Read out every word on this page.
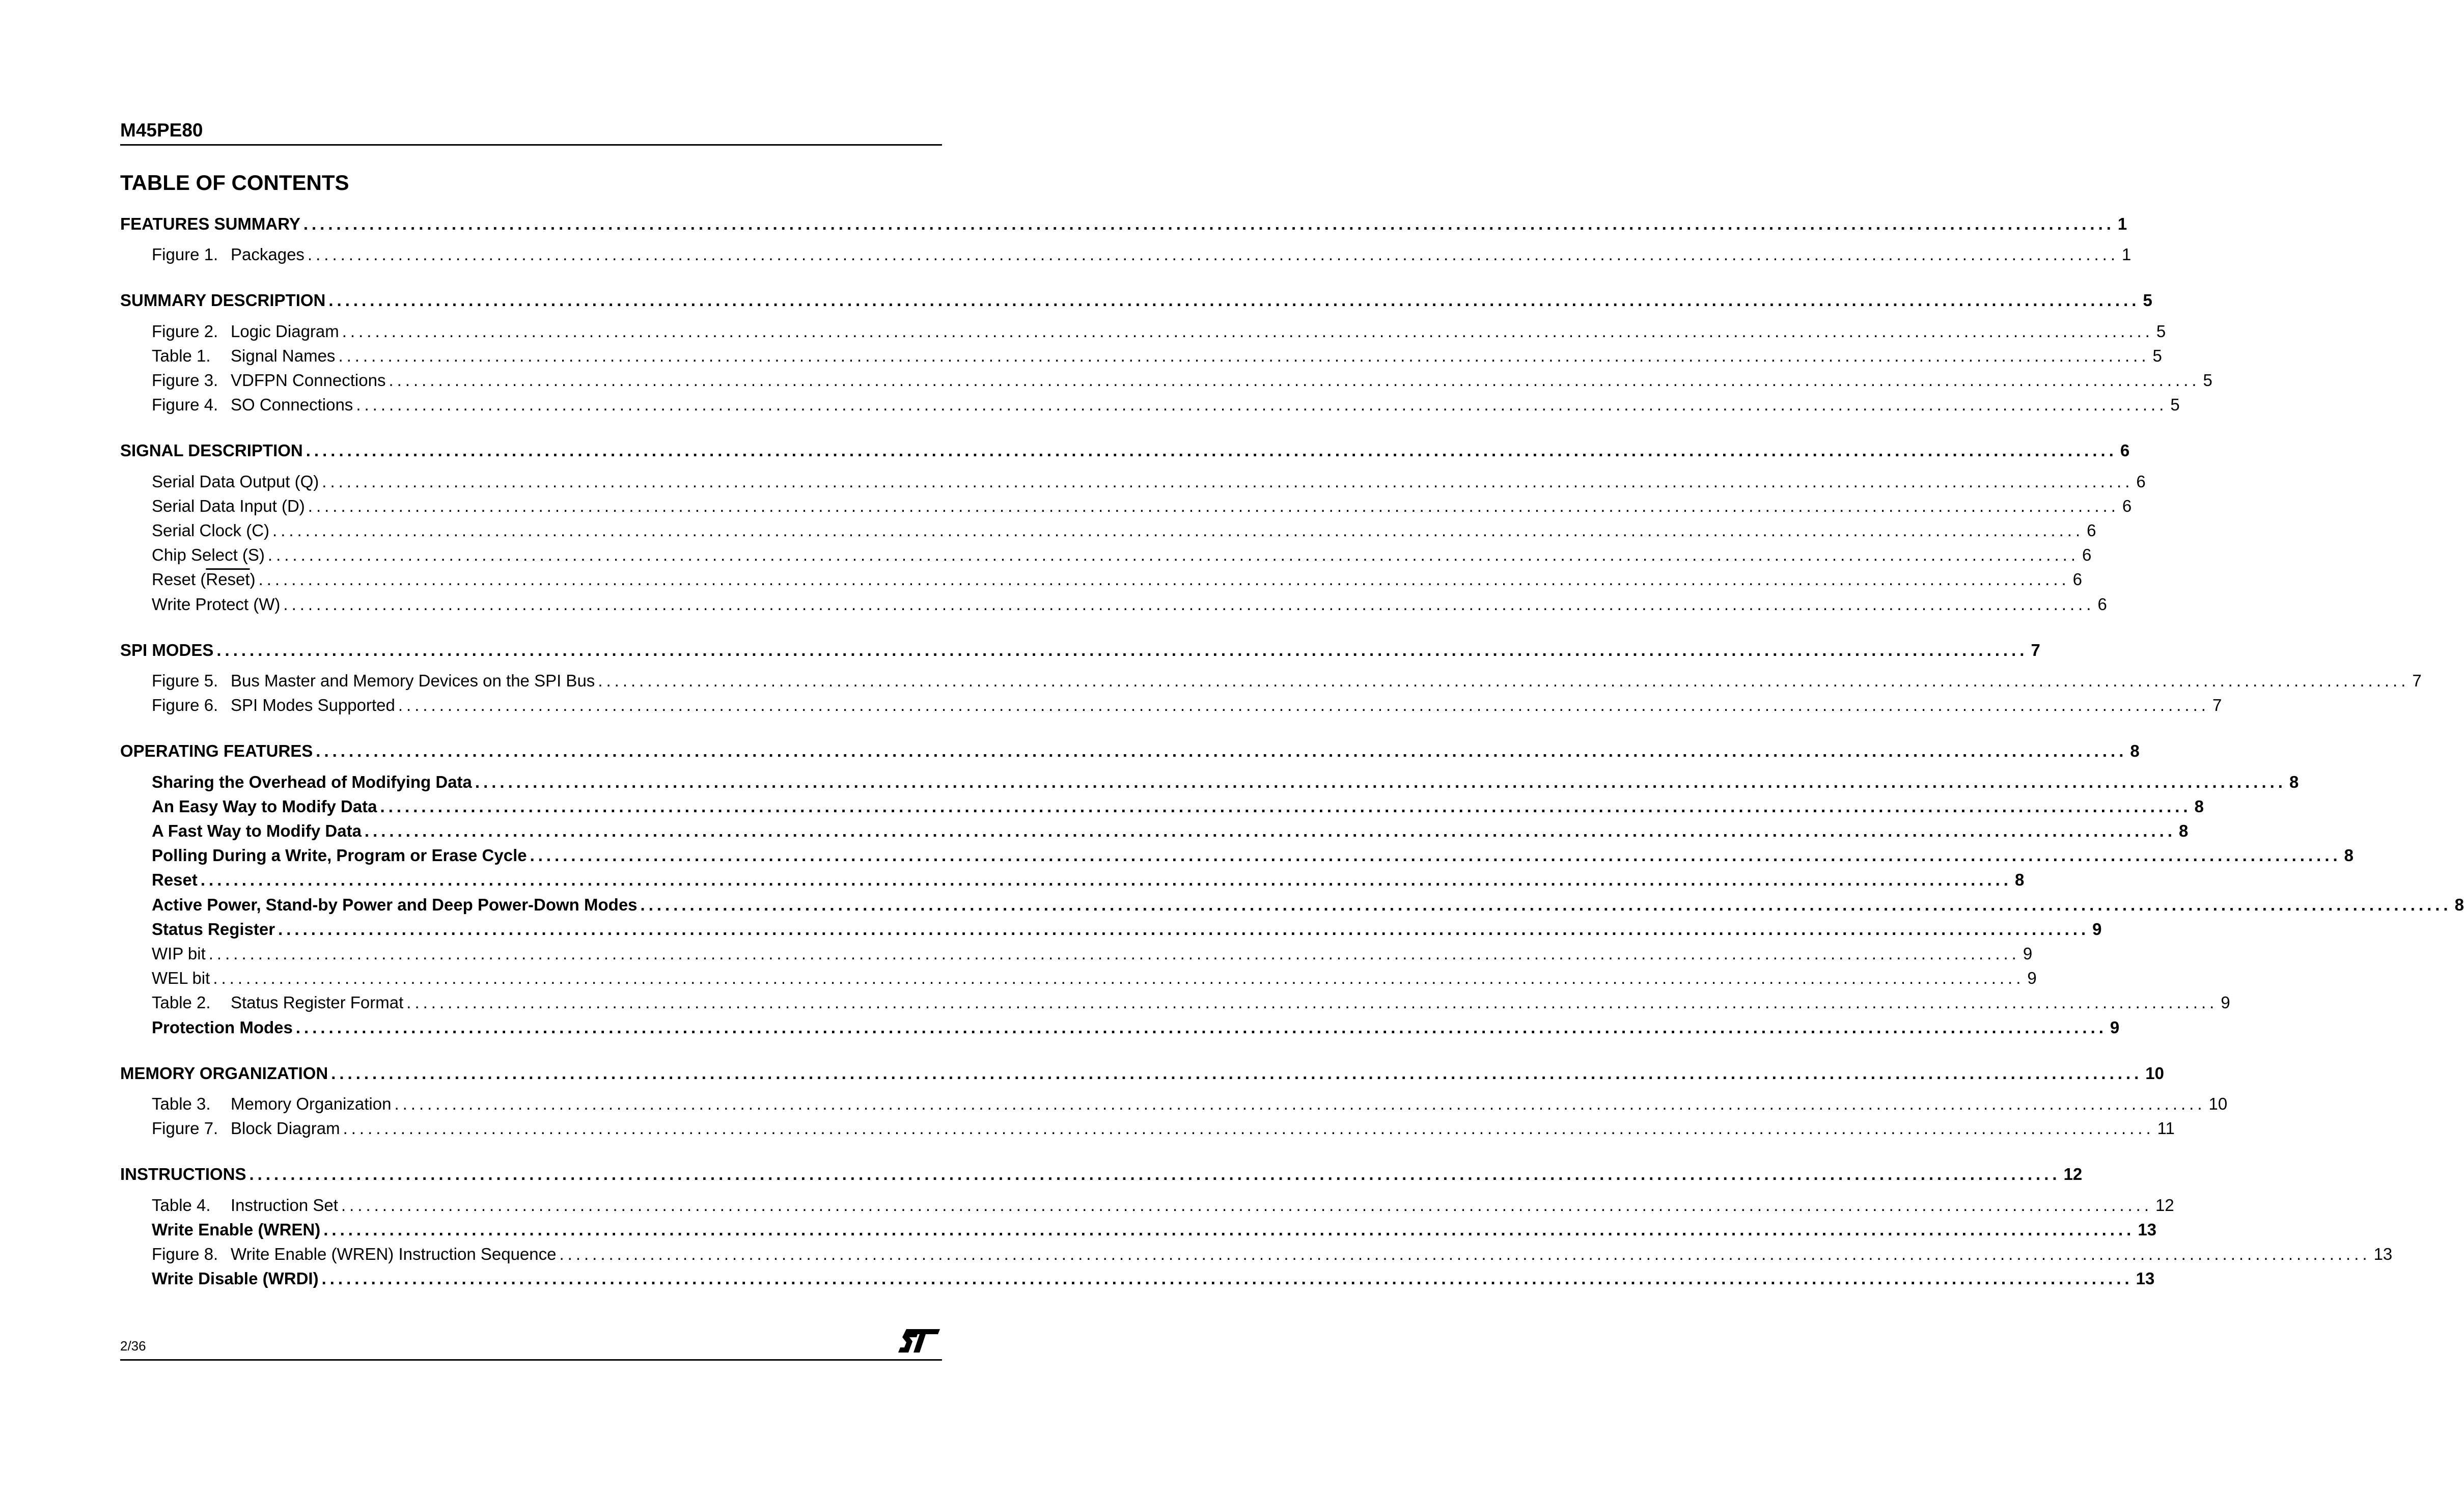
M45PE80
TABLE OF CONTENTS
FEATURES SUMMARY ............................................................................................................................................................................................................................ 1
Figure 1. Packages ............................................................................................................................................................................................................................ 1
SUMMARY DESCRIPTION ............................................................................................................................................................................................................................ 5
Figure 2. Logic Diagram ............................................................................................................................................................................................................................ 5
Table 1. Signal Names ............................................................................................................................................................................................................................ 5
Figure 3. VDFPN Connections ............................................................................................................................................................................................................................ 5
Figure 4. SO Connections ............................................................................................................................................................................................................................ 5
SIGNAL DESCRIPTION ............................................................................................................................................................................................................................ 6
Serial Data Output (Q) ............................................................................................................................................................................................................................ 6
Serial Data Input (D) ............................................................................................................................................................................................................................ 6
Serial Clock (C) ............................................................................................................................................................................................................................ 6
Chip Select (S) ............................................................................................................................................................................................................................ 6
Reset (Reset) ............................................................................................................................................................................................................................ 6
Write Protect (W) ............................................................................................................................................................................................................................ 6
SPI MODES ............................................................................................................................................................................................................................ 7
Figure 5. Bus Master and Memory Devices on the SPI Bus ............................................................................................................................................................................................................................ 7
Figure 6. SPI Modes Supported ............................................................................................................................................................................................................................ 7
OPERATING FEATURES ............................................................................................................................................................................................................................ 8
Sharing the Overhead of Modifying Data ............................................................................................................................................................................................................................ 8
An Easy Way to Modify Data ............................................................................................................................................................................................................................ 8
A Fast Way to Modify Data ............................................................................................................................................................................................................................ 8
Polling During a Write, Program or Erase Cycle ............................................................................................................................................................................................................................ 8
Reset ............................................................................................................................................................................................................................ 8
Active Power, Stand-by Power and Deep Power-Down Modes ............................................................................................................................................................................................................................ 8
Status Register ............................................................................................................................................................................................................................ 9
WIP bit ............................................................................................................................................................................................................................ 9
WEL bit ............................................................................................................................................................................................................................ 9
Table 2. Status Register Format ............................................................................................................................................................................................................................ 9
Protection Modes ............................................................................................................................................................................................................................ 9
MEMORY ORGANIZATION ............................................................................................................................................................................................................................ 10
Table 3. Memory Organization ............................................................................................................................................................................................................................ 10
Figure 7. Block Diagram ............................................................................................................................................................................................................................ 11
INSTRUCTIONS ............................................................................................................................................................................................................................ 12
Table 4. Instruction Set ............................................................................................................................................................................................................................ 12
Write Enable (WREN) ............................................................................................................................................................................................................................ 13
Figure 8. Write Enable (WREN) Instruction Sequence ............................................................................................................................................................................................................................ 13
Write Disable (WRDI) ............................................................................................................................................................................................................................ 13
2/36
